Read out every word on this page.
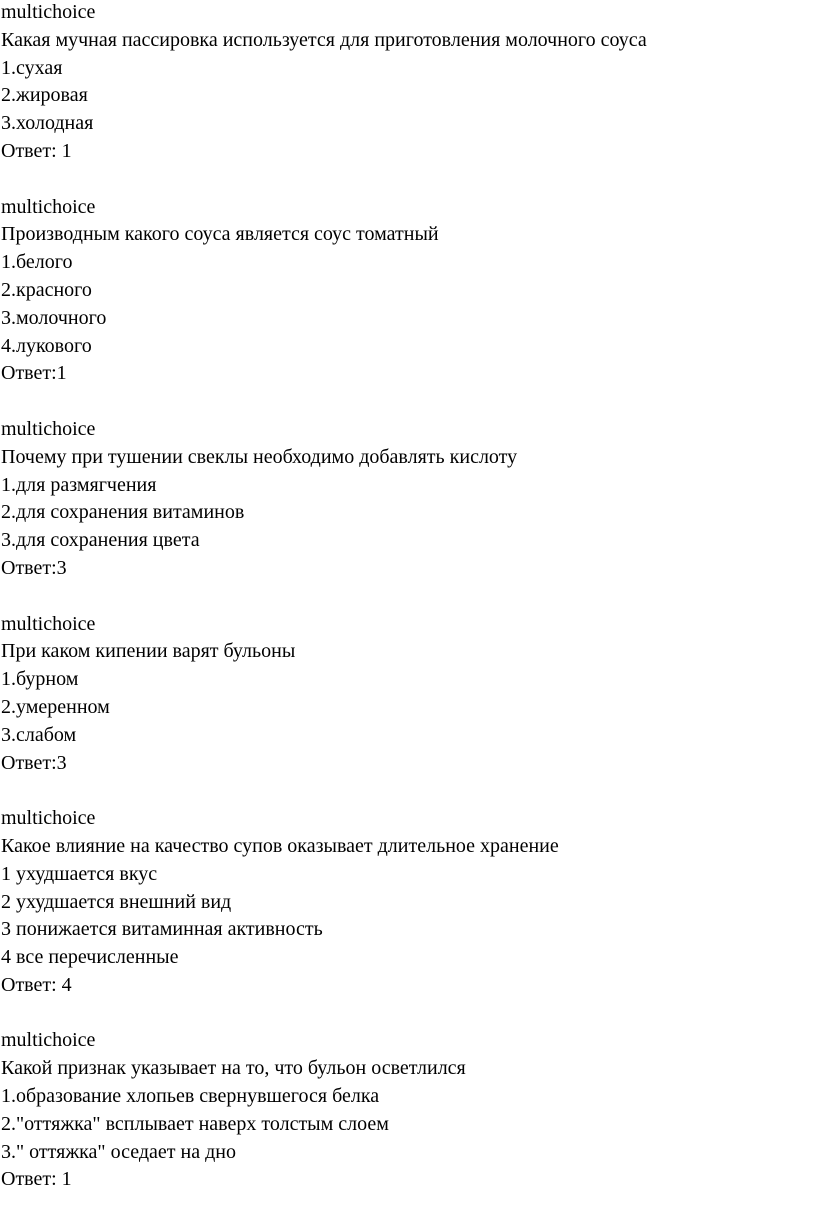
multichoice
Какая мучная пассировка используется для приготовления молочного соуса
1.сухая
2.жировая
3.холодная
Ответ: 1
multichoice
Производным какого соуса является соус томатный
1.белого
2.красного
3.молочного
4.лукового
Ответ:1
multichoice
Почему при тушении свеклы необходимо добавлять кислоту
1.для размягчения
2.для сохранения витаминов
3.для сохранения цвета
Ответ:3
multichoice
При каком кипении варят бульоны
1.бурном
2.умеренном
3.слабом
Ответ:3
multichoice
Какое влияние на качество супов оказывает длительное хранение
1 ухудшается вкус
2 ухудшается внешний вид
3 понижается витаминная активность
4 все перечисленные
Ответ: 4
multichoice
Какой признак указывает на то, что бульон осветлился
1.образование хлопьев свернувшегося белка
2."оттяжка" всплывает наверх толстым слоем
3." оттяжка" оседает на дно
Ответ: 1
